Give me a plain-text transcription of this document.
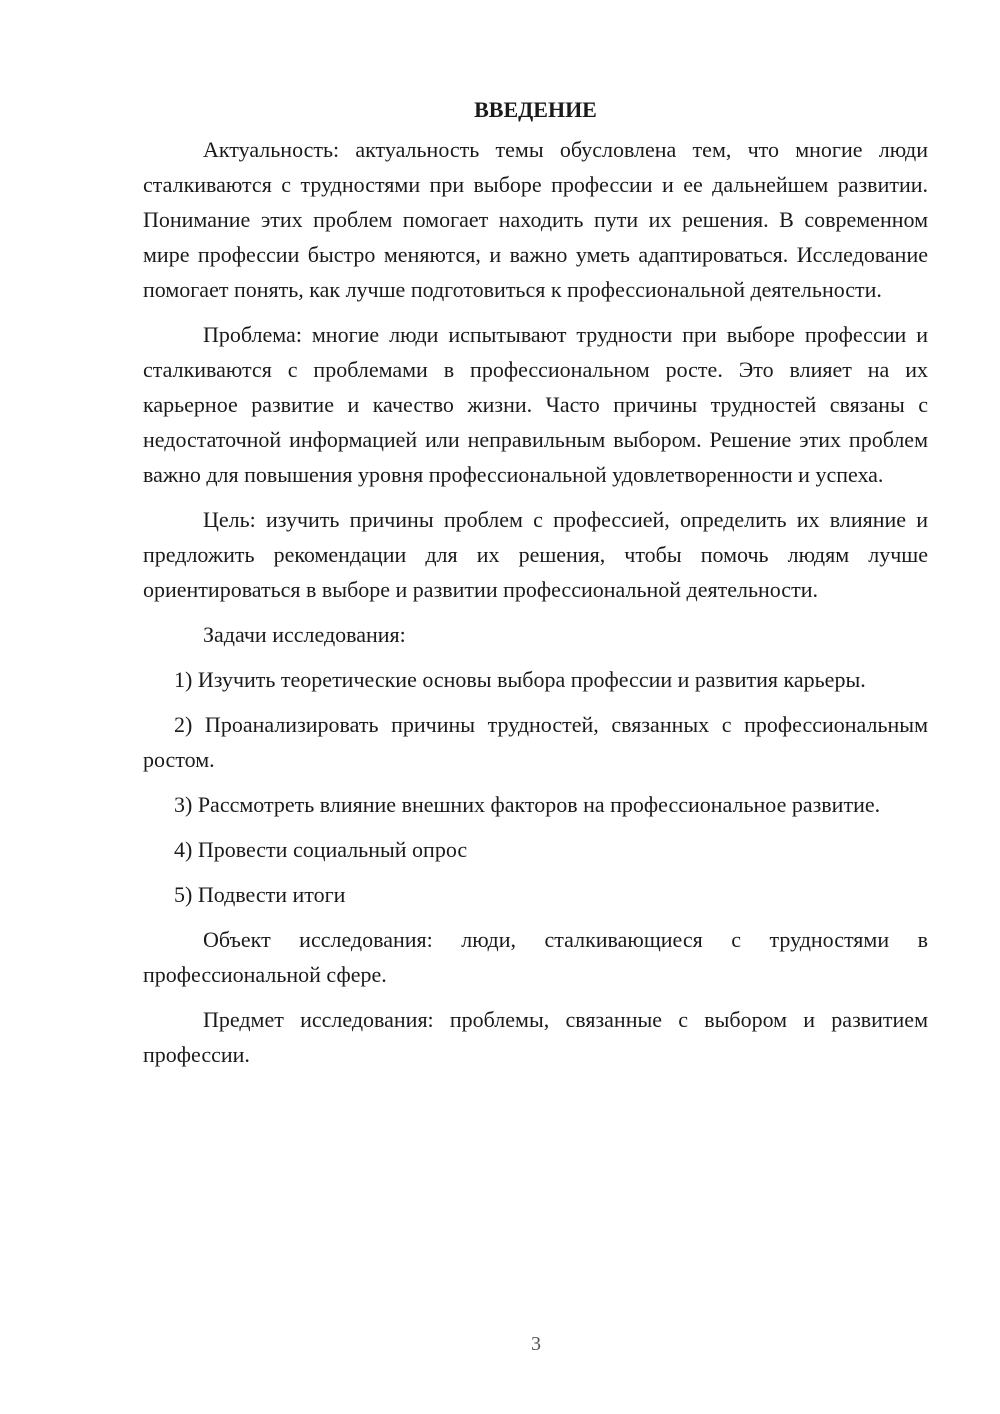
ВВЕДЕНИЕ

Актуальность: актуальность темы обусловлена тем, что многие люди сталкиваются с трудностями при выборе профессии и ее дальнейшем развитии. Понимание этих проблем помогает находить пути их решения. В современном мире профессии быстро меняются, и важно уметь адаптироваться. Исследование помогает понять, как лучше подготовиться к профессиональной деятельности.

Проблема: многие люди испытывают трудности при выборе профессии и сталкиваются с проблемами в профессиональном росте. Это влияет на их карьерное развитие и качество жизни. Часто причины трудностей связаны с недостаточной информацией или неправильным выбором. Решение этих проблем важно для повышения уровня профессиональной удовлетворенности и успеха.

Цель: изучить причины проблем с профессией, определить их влияние и предложить рекомендации для их решения, чтобы помочь людям лучше ориентироваться в выборе и развитии профессиональной деятельности.

Задачи исследования:

1) Изучить теоретические основы выбора профессии и развития карьеры.

2) Проанализировать причины трудностей, связанных с профессиональным ростом.

3) Рассмотреть влияние внешних факторов на профессиональное развитие.

4) Провести социальный опрос

5) Подвести итоги

Объект исследования: люди, сталкивающиеся с трудностями в профессиональной сфере.

Предмет исследования: проблемы, связанные с выбором и развитием профессии.

3
